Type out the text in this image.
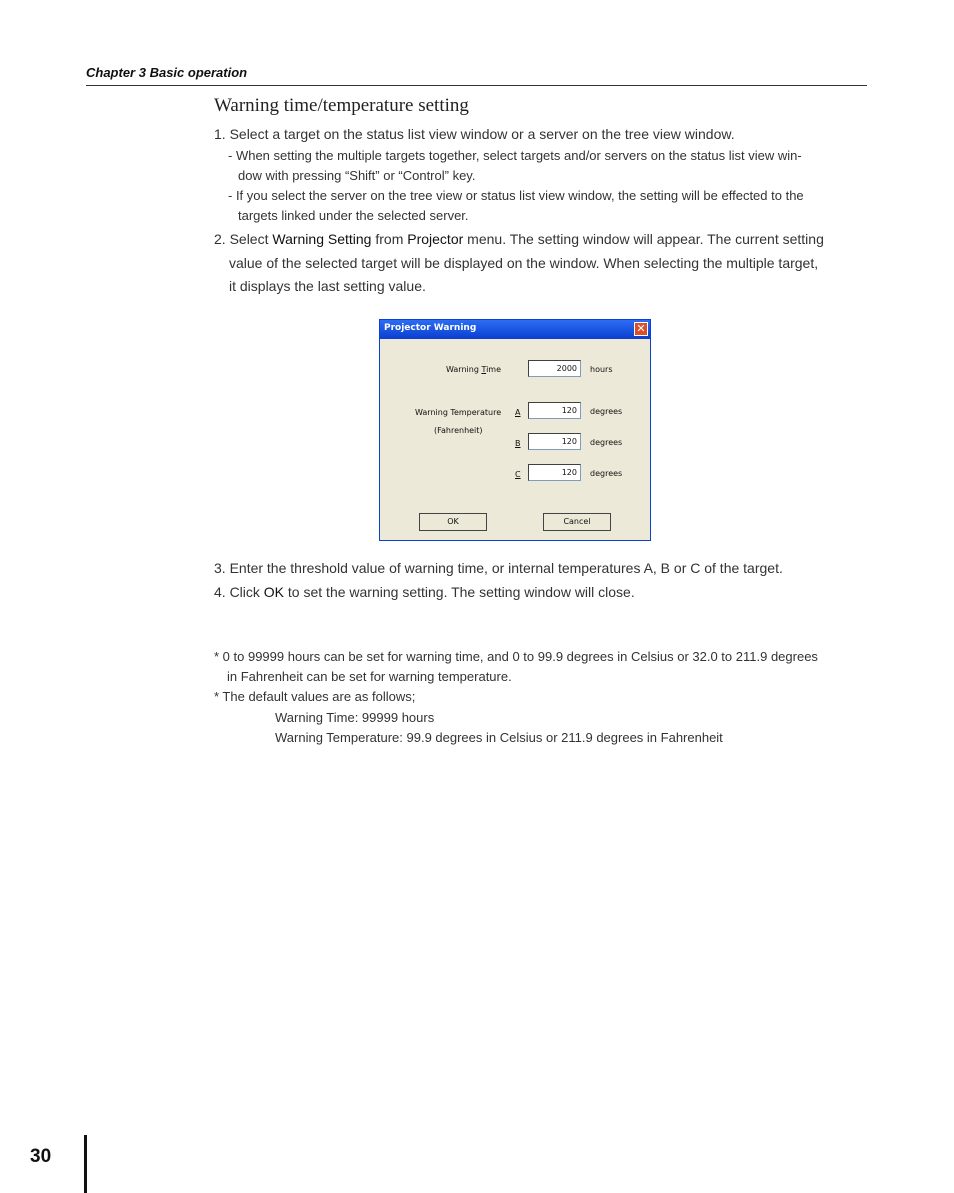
Chapter 3 Basic operation
Warning time/temperature setting
1. Select a target on the status list view window or a server on the tree view window.
- When setting the multiple targets together, select targets and/or servers on the status list view win-
dow with pressing “Shift” or “Control” key.
- If you select the server on the tree view or status list view window, the setting will be effected to the
targets linked under the selected server.
2. Select Warning Setting from Projector menu. The setting window will appear. The current setting
value of the selected target will be displayed on the window. When selecting the multiple target,
it displays the last setting value.
Projector Warning	✕
Warning Time
2000	hours
Warning Temperature
(Fahrenheit)
A
120	degrees
B
120	degrees
C
120	degrees
OK	Cancel
3. Enter the threshold value of warning time, or internal temperatures A, B or C of the target.
4. Click OK to set the warning setting. The setting window will close.
* 0 to 99999 hours can be set for warning time, and 0 to 99.9 degrees in Celsius or 32.0 to 211.9 degrees
in Fahrenheit can be set for warning temperature.
* The default values are as follows;
Warning Time: 99999 hours
Warning Temperature: 99.9 degrees in Celsius or 211.9 degrees in Fahrenheit
30
